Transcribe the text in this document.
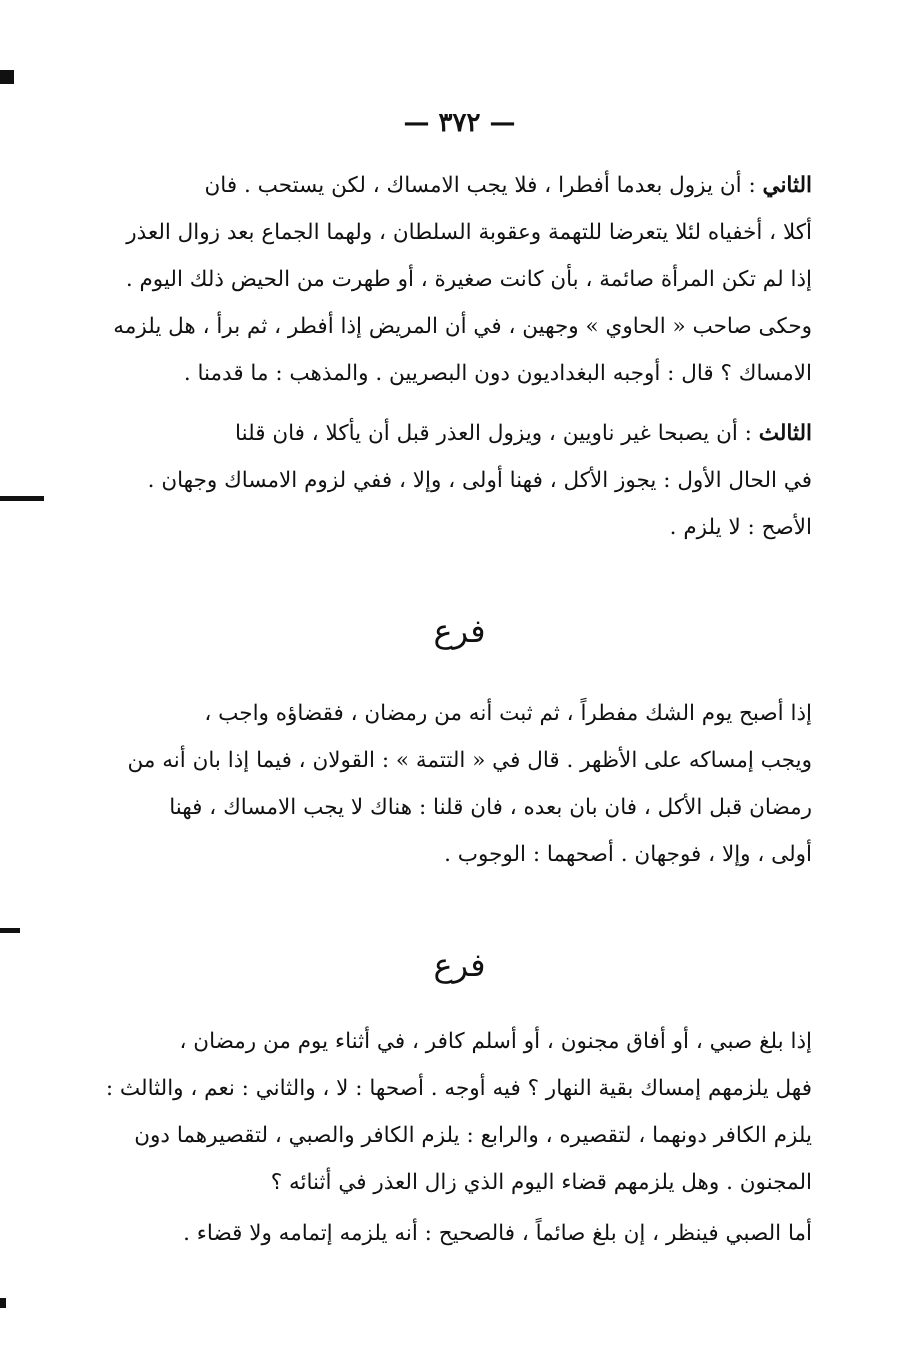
— ٣٧٢ —
الثاني : أن يزول بعدما أفطرا ، فلا يجب الامساك ، لكن يستحب . فان
أكلا ، أخفياه لئلا يتعرضا للتهمة وعقوبة السلطان ، ولهما الجماع بعد زوال العذر
إذا لم تكن المرأة صائمة ، بأن كانت صغيرة ، أو طهرت من الحيض ذلك اليوم .
وحكى صاحب « الحاوي » وجهين ، في أن المريض إذا أفطر ، ثم برأ ، هل يلزمه
الامساك ؟ قال : أوجبه البغداديون دون البصريين . والمذهب : ما قدمنا .
الثالث : أن يصبحا غير ناويين ، ويزول العذر قبل أن يأكلا ، فان قلنا
في الحال الأول : يجوز الأكل ، فهنا أولى ، وإلا ، ففي لزوم الامساك وجهان .
الأصح : لا يلزم .
فرع
إذا أصبح يوم الشك مفطراً ، ثم ثبت أنه من رمضان ، فقضاؤه واجب ،
ويجب إمساكه على الأظهر . قال في « التتمة » : القولان ، فيما إذا بان أنه من
رمضان قبل الأكل ، فان بان بعده ، فان قلنا : هناك لا يجب الامساك ، فهنا
أولى ، وإلا ، فوجهان . أصحهما : الوجوب .
فرع
إذا بلغ صبي ، أو أفاق مجنون ، أو أسلم كافر ، في أثناء يوم من رمضان ،
فهل يلزمهم إمساك بقية النهار ؟ فيه أوجه . أصحها : لا ، والثاني : نعم ، والثالث :
يلزم الكافر دونهما ، لتقصيره ، والرابع : يلزم الكافر والصبي ، لتقصيرهما دون
المجنون . وهل يلزمهم قضاء اليوم الذي زال العذر في أثنائه ؟
أما الصبي فينظر ، إن بلغ صائماً ، فالصحيح : أنه يلزمه إتمامه ولا قضاء .
